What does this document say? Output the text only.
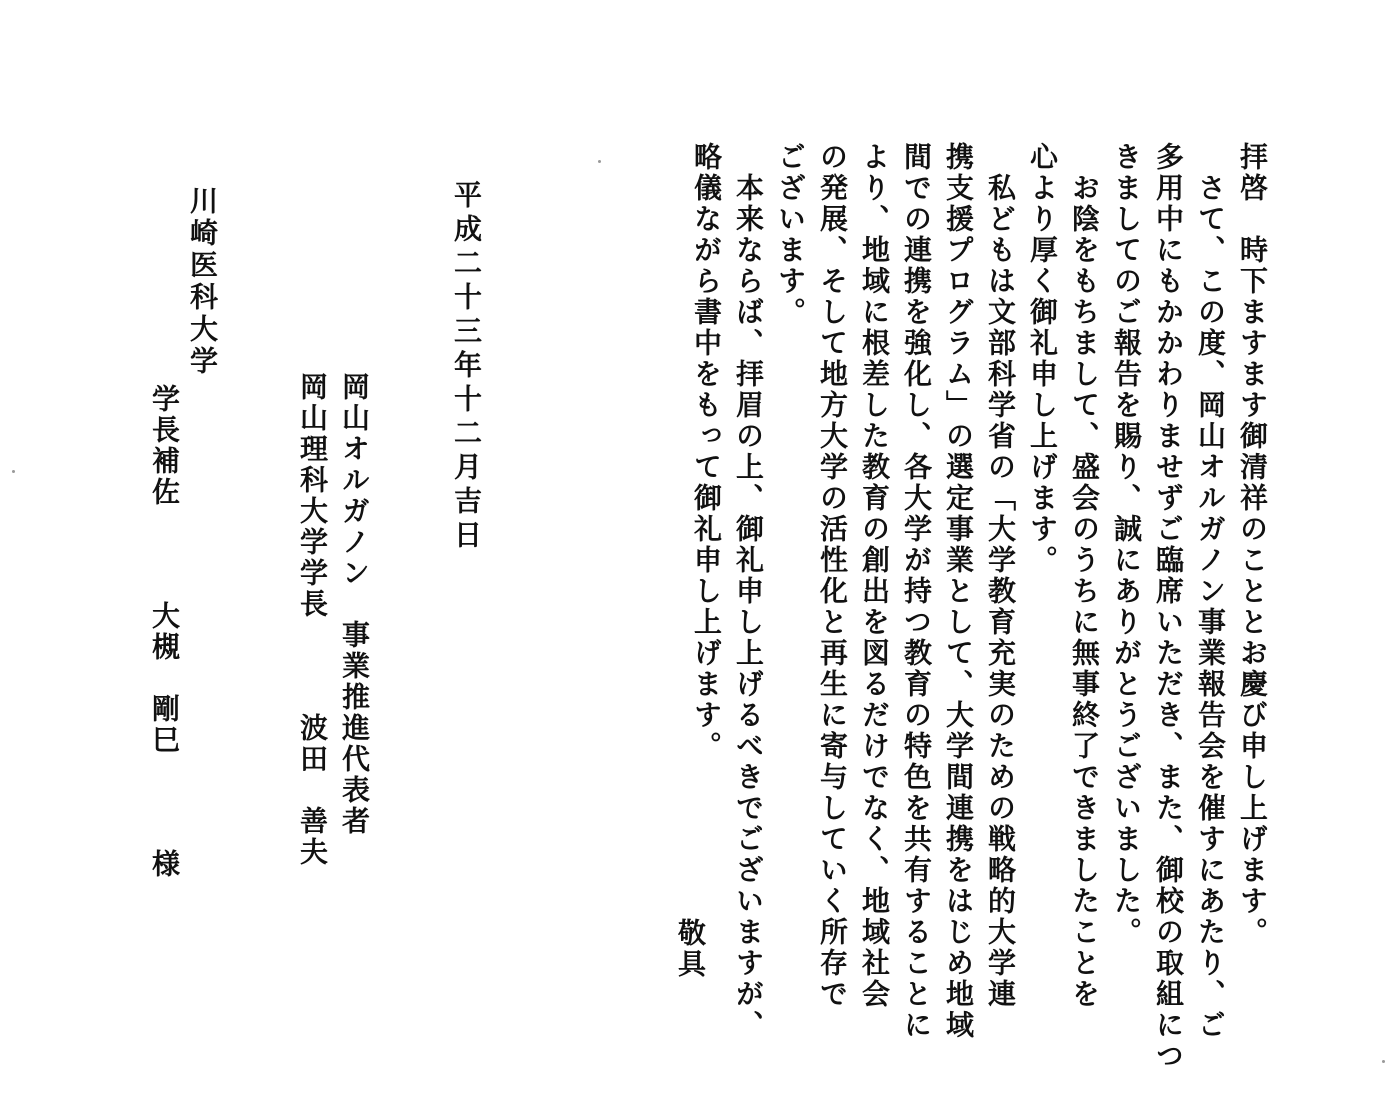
拝啓　時下ますます御清祥のこととお慶び申し上げます。
　さて、この度、岡山オルガノン事業報告会を催すにあたり、ご
多用中にもかかわりませずご臨席いただき、また、御校の取組につ
きましてのご報告を賜り、誠にありがとうございました。
　お陰をもちまして、盛会のうちに無事終了できましたことを
心より厚く御礼申し上げます。
　私どもは文部科学省の「大学教育充実のための戦略的大学連
携支援プログラム」の選定事業として、大学間連携をはじめ地域
間での連携を強化し、各大学が持つ教育の特色を共有することに
より、地域に根差した教育の創出を図るだけでなく、地域社会
の発展、そして地方大学の活性化と再生に寄与していく所存で
ございます。
　本来ならば、拝眉の上、御礼申し上げるべきでございますが、
略儀ながら書中をもって御礼申し上げます。
敬具
平成二十三年十二月吉日
岡山オルガノン　事業推進代表者
岡山理科大学学長　　　波田　善夫
川崎医科大学
学長補佐　　　大槻　剛巳　　　様
